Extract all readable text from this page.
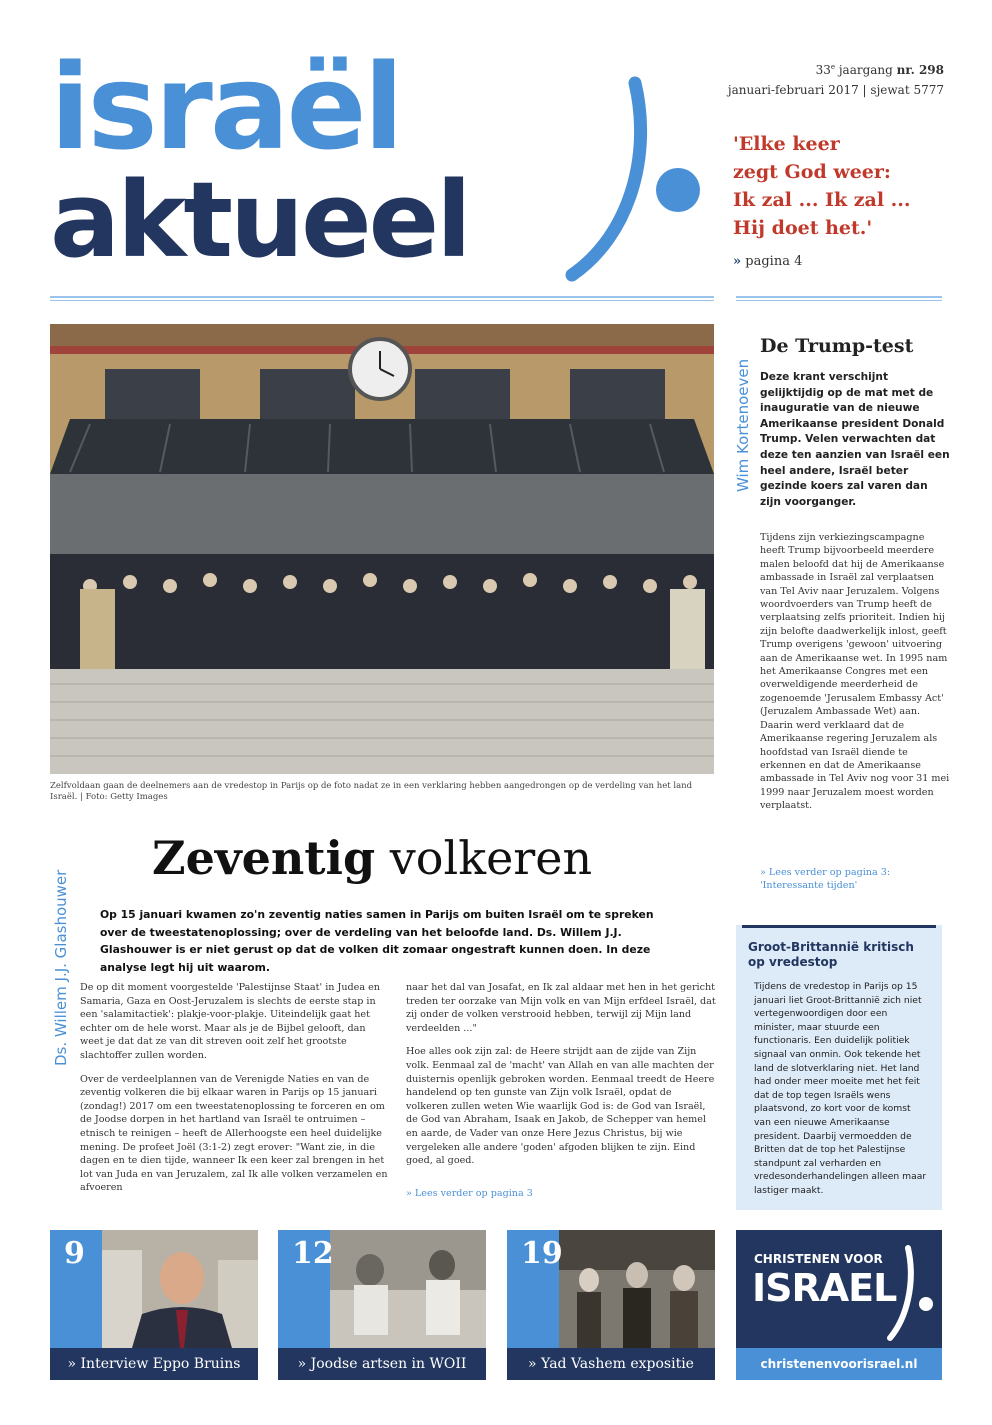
israël
aktueel
33e jaargang nr. 298
januari-februari 2017 | sjewat 5777
'Elke keer
zegt God weer:
Ik zal ... Ik zal ...
Hij doet het.'
» pagina 4
Zelfvoldaan gaan de deelnemers aan de vredestop in Parijs op de foto nadat ze in een verklaring hebben aangedrongen op de verdeling van het land Israël. | Foto: Getty Images
Wim Kortenoeven
De Trump-test
Deze krant verschijnt gelijktijdig op de mat met de inauguratie van de nieuwe Amerikaanse president Donald Trump. Velen verwachten dat deze ten aanzien van Israël een heel andere, Israël beter gezinde koers zal varen dan zijn voorganger.
Tijdens zijn verkiezingscampagne heeft Trump bijvoorbeeld meerdere malen beloofd dat hij de Amerikaanse ambassade in Israël zal verplaatsen van Tel Aviv naar Jeruzalem. Volgens woordvoerders van Trump heeft de verplaatsing zelfs prioriteit. Indien hij zijn belofte daadwerkelijk inlost, geeft Trump overigens 'gewoon' uitvoering aan de Amerikaanse wet. In 1995 nam het Amerikaanse Congres met een overweldigende meerderheid de zogenoemde 'Jerusalem Embassy Act' (Jeruzalem Ambassade Wet) aan. Daarin werd verklaard dat de Amerikaanse regering Jeruzalem als hoofdstad van Israël diende te erkennen en dat de Amerikaanse ambassade in Tel Aviv nog voor 31 mei 1999 naar Jeruzalem moest worden verplaatst.
» Lees verder op pagina 3: 'Interessante tijden'
Ds. Willem J.J. Glashouwer
Zeventig volkeren
Op 15 januari kwamen zo'n zeventig naties samen in Parijs om buiten Israël om te spreken over de tweestatenoplossing; over de verdeling van het beloofde land. Ds. Willem J.J. Glashouwer is er niet gerust op dat de volken dit zomaar ongestraft kunnen doen. In deze analyse legt hij uit waarom.

De op dit moment voorgestelde 'Palestijnse Staat' in Judea en Samaria, Gaza en Oost-Jeruzalem is slechts de eerste stap in een 'salamitactiek': plakje-voor-plakje. Uiteindelijk gaat het echter om de hele worst. Maar als je de Bijbel gelooft, dan weet je dat dat ze van dit streven ooit zelf het grootste slachtoffer zullen worden.

Over de verdeelplannen van de Verenigde Naties en van de zeventig volkeren die bij elkaar waren in Parijs op 15 januari (zondag!) 2017 om een tweestatenoplossing te forceren en om de Joodse dorpen in het hartland van Israël te ontruimen – etnisch te reinigen – heeft de Allerhoogste een heel duidelijke mening. De profeet Joël (3:1-2) zegt erover: "Want zie, in die dagen en te dien tijde, wanneer Ik een keer zal brengen in het lot van Juda en van Jeruzalem, zal Ik alle volken verzamelen en afvoeren

naar het dal van Josafat, en Ik zal aldaar met hen in het gericht treden ter oorzake van Mijn volk en van Mijn erfdeel Israël, dat zij onder de volken verstrooid hebben, terwijl zij Mijn land verdeelden ..."

Hoe alles ook zijn zal: de Heere strijdt aan de zijde van Zijn volk. Eenmaal zal de 'macht' van Allah en van alle machten der duisternis openlijk gebroken worden. Eenmaal treedt de Heere handelend op ten gunste van Zijn volk Israël, opdat de volkeren zullen weten Wie waarlijk God is: de God van Israël, de God van Abraham, Isaak en Jakob, de Schepper van hemel en aarde, de Vader van onze Here Jezus Christus, bij wie vergeleken alle andere 'goden' afgoden blijken te zijn. Eind goed, al goed.

» Lees verder op pagina 3
Groot-Brittannië kritisch op vredestop
Tijdens de vredestop in Parijs op 15 januari liet Groot-Brittannië zich niet vertegenwoordigen door een minister, maar stuurde een functionaris. Een duidelijk politiek signaal van onmin. Ook tekende het land de slotverklaring niet. Het land had onder meer moeite met het feit dat de top tegen Israëls wens plaatsvond, zo kort voor de komst van een nieuwe Amerikaanse president. Daarbij vermoedden de Britten dat de top het Palestijnse standpunt zal verharden en vredesonderhandelingen alleen maar lastiger maakt.
9
» Interview Eppo Bruins
12
» Joodse artsen in WOII
19
» Yad Vashem expositie
CHRISTENEN VOOR
ISRAEL
christenenvoorisrael.nl
